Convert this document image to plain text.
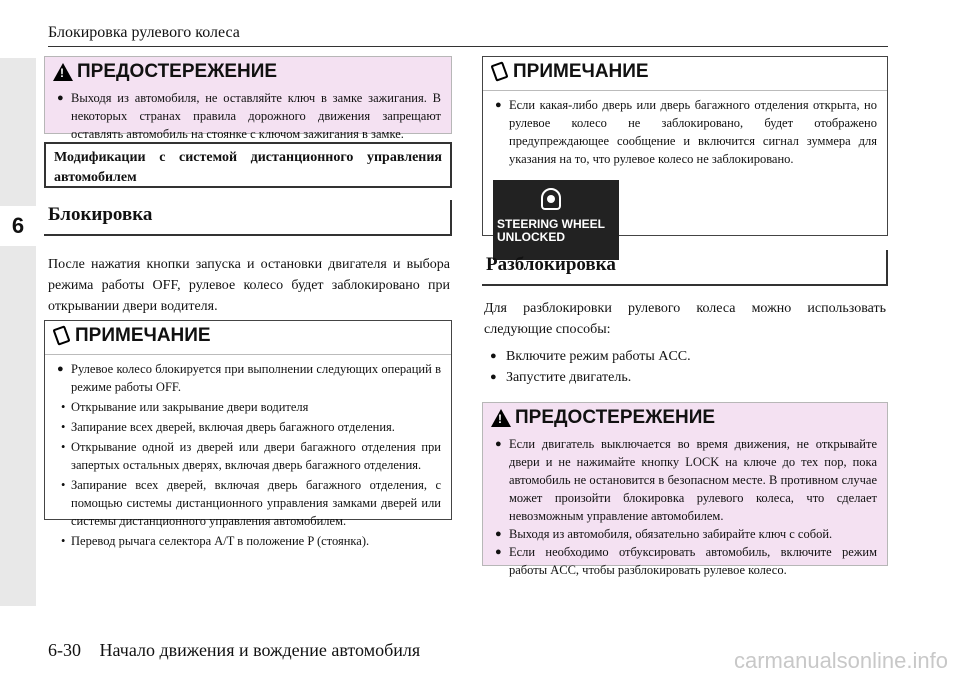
6
Блокировка рулевого колеса
!
ПРЕДОСТЕРЕЖЕНИЕ
● Выходя из автомобиля, не оставляйте ключ в замке зажигания. В некоторых странах правила дорожного движения запрещают оставлять автомобиль на стоянке с ключом зажигания в замке.
Модификации с системой дистанционного управления автомобилем
Блокировка
После нажатия кнопки запуска и остановки двигателя и выбора режима работы OFF, рулевое колесо будет заблокировано при открывании двери водителя.
ПРИМЕЧАНИЕ
● Рулевое колесо блокируется при выполнении следующих операций в режиме работы OFF.
• Открывание или закрывание двери водителя
• Запирание всех дверей, включая дверь багажного отделения.
• Открывание одной из дверей или двери багажного отделения при запертых остальных дверях, включая дверь багажного отделения.
• Запирание всех дверей, включая дверь багажного отделения, с помощью системы дистанционного управления замками дверей или системы дистанционного управления автомобилем.
• Перевод рычага селектора A/T в положение P (стоянка).
ПРИМЕЧАНИЕ
● Если какая-либо дверь или дверь багажного отделения открыта, но рулевое колесо не заблокировано, будет отображено предупреждающее сообщение и включится сигнал зуммера для указания на то, что рулевое колесо не заблокировано.
STEERING WHEEL
UNLOCKED
Разблокировка
Для разблокировки рулевого колеса можно использовать следующие способы:
● Включите режим работы ACC.
● Запустите двигатель.
!
ПРЕДОСТЕРЕЖЕНИЕ
● Если двигатель выключается во время движения, не открывайте двери и не нажимайте кнопку LOCK на ключе до тех пор, пока автомобиль не остановится в безопасном месте. В противном случае может произойти блокировка рулевого колеса, что сделает невозможным управление автомобилем.
● Выходя из автомобиля, обязательно забирайте ключ с собой.
● Если необходимо отбуксировать автомобиль, включите режим работы ACC, чтобы разблокировать рулевое колесо.
6-30 Начало движения и вождение автомобиля	carmanualsonline.info
